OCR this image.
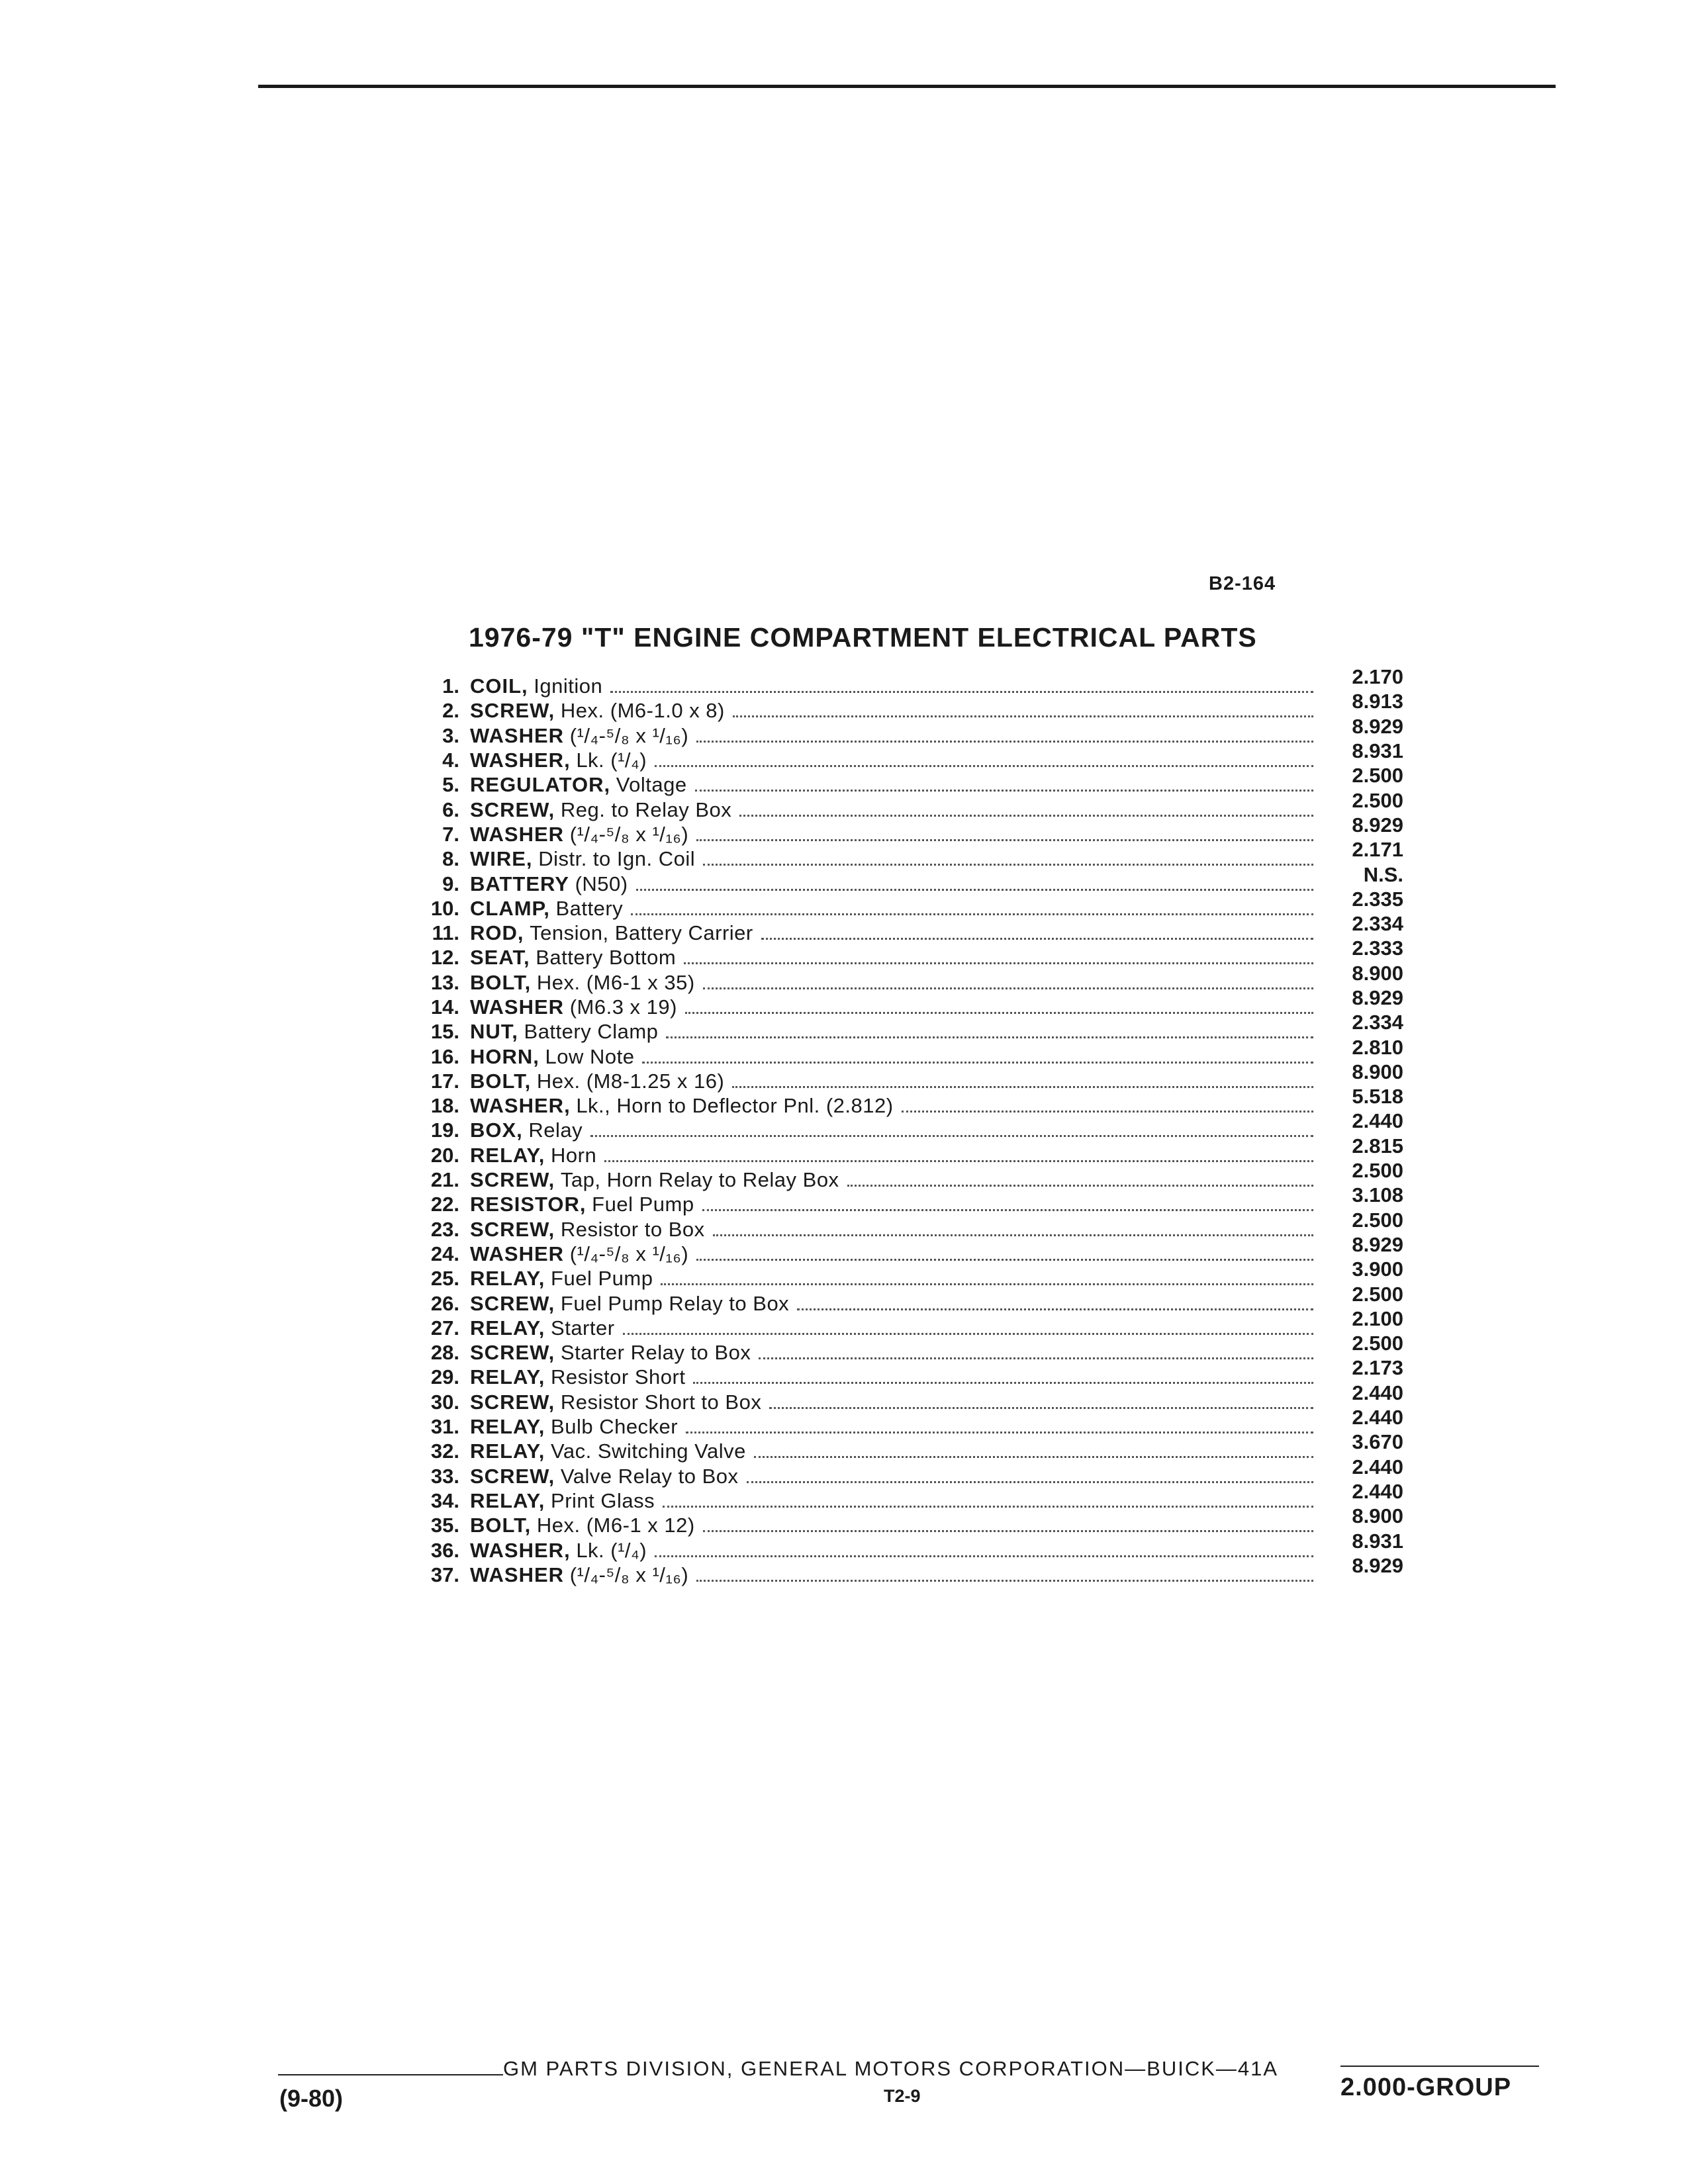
B2-164
1976-79 "T" ENGINE COMPARTMENT ELECTRICAL PARTS
1. COIL, Ignition	2.170
2. SCREW, Hex. (M6-1.0 x 8)	8.913
3. WASHER (¹/₄-⁵/₈ x ¹/₁₆)	8.929
4. WASHER, Lk. (¹/₄)	8.931
5. REGULATOR, Voltage	2.500
6. SCREW, Reg. to Relay Box	2.500
7. WASHER (¹/₄-⁵/₈ x ¹/₁₆)	8.929
8. WIRE, Distr. to Ign. Coil	2.171
9. BATTERY (N50)	N.S.
10. CLAMP, Battery	2.335
11. ROD, Tension, Battery Carrier	2.334
12. SEAT, Battery Bottom	2.333
13. BOLT, Hex. (M6-1 x 35)	8.900
14. WASHER (M6.3 x 19)	8.929
15. NUT, Battery Clamp	2.334
16. HORN, Low Note	2.810
17. BOLT, Hex. (M8-1.25 x 16)	8.900
18. WASHER, Lk., Horn to Deflector Pnl. (2.812)	5.518
19. BOX, Relay	2.440
20. RELAY, Horn	2.815
21. SCREW, Tap, Horn Relay to Relay Box	2.500
22. RESISTOR, Fuel Pump	3.108
23. SCREW, Resistor to Box	2.500
24. WASHER (¹/₄-⁵/₈ x ¹/₁₆)	8.929
25. RELAY, Fuel Pump	3.900
26. SCREW, Fuel Pump Relay to Box	2.500
27. RELAY, Starter	2.100
28. SCREW, Starter Relay to Box	2.500
29. RELAY, Resistor Short	2.173
30. SCREW, Resistor Short to Box	2.440
31. RELAY, Bulb Checker	2.440
32. RELAY, Vac. Switching Valve	3.670
33. SCREW, Valve Relay to Box	2.440
34. RELAY, Print Glass	2.440
35. BOLT, Hex. (M6-1 x 12)	8.900
36. WASHER, Lk. (¹/₄)	8.931
37. WASHER (¹/₄-⁵/₈ x ¹/₁₆)	8.929
GM PARTS DIVISION, GENERAL MOTORS CORPORATION—BUICK—41A
(9-80)	T2-9	2.000-GROUP
